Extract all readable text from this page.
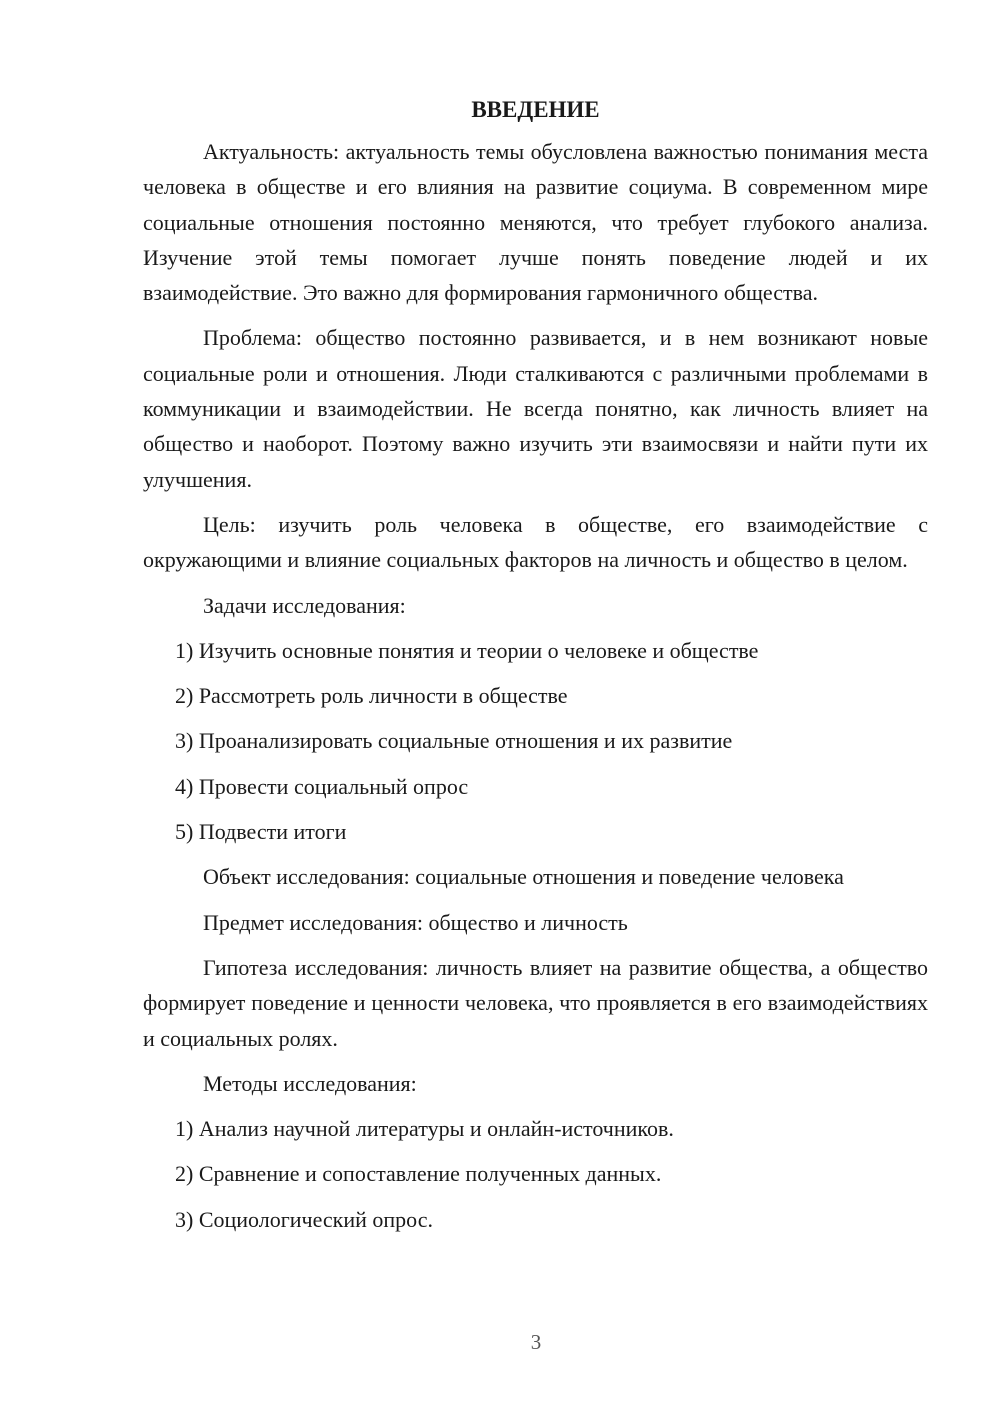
ВВЕДЕНИЕ

Актуальность: актуальность темы обусловлена важностью понимания места человека в обществе и его влияния на развитие социума. В современном мире социальные отношения постоянно меняются, что требует глубокого анализа. Изучение этой темы помогает лучше понять поведение людей и их взаимодействие. Это важно для формирования гармоничного общества.

Проблема: общество постоянно развивается, и в нем возникают новые социальные роли и отношения. Люди сталкиваются с различными проблемами в коммуникации и взаимодействии. Не всегда понятно, как личность влияет на общество и наоборот. Поэтому важно изучить эти взаимосвязи и найти пути их улучшения.

Цель: изучить роль человека в обществе, его взаимодействие с окружающими и влияние социальных факторов на личность и общество в целом.

Задачи исследования:

1) Изучить основные понятия и теории о человеке и обществе

2) Рассмотреть роль личности в обществе

3) Проанализировать социальные отношения и их развитие

4) Провести социальный опрос

5) Подвести итоги

Объект исследования: социальные отношения и поведение человека

Предмет исследования: общество и личность

Гипотеза исследования: личность влияет на развитие общества, а общество формирует поведение и ценности человека, что проявляется в его взаимодействиях и социальных ролях.

Методы исследования:

1) Анализ научной литературы и онлайн-источников.

2) Сравнение и сопоставление полученных данных.

3) Социологический опрос.

3
